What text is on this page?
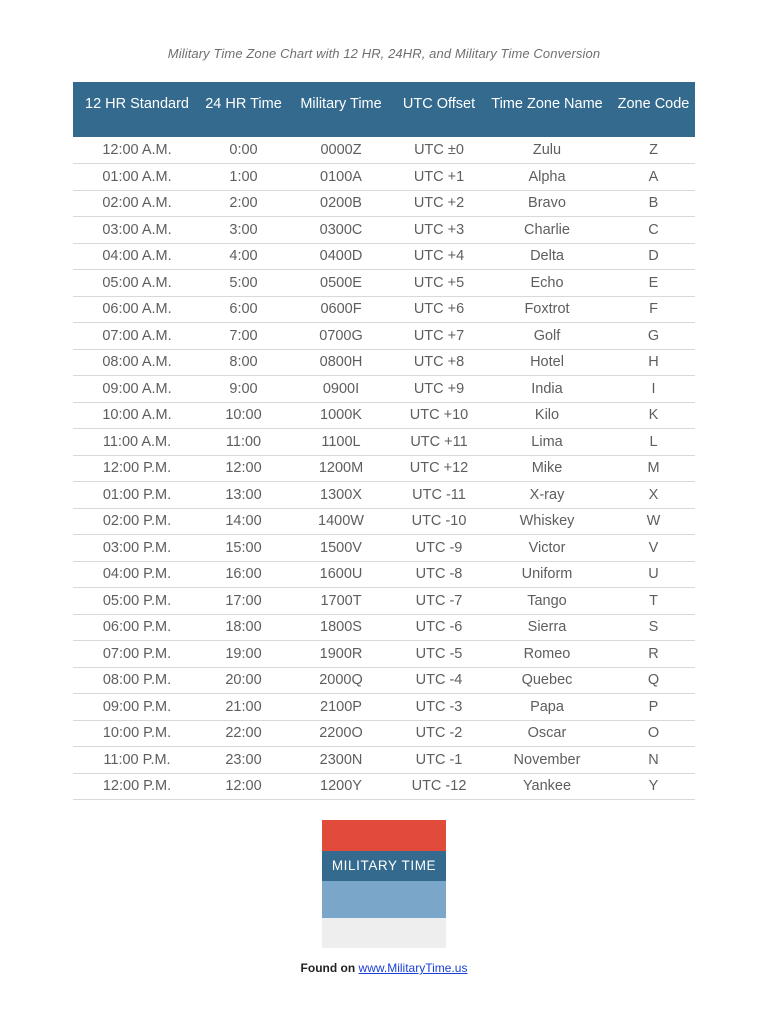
Military Time Zone Chart with 12 HR, 24HR, and Military Time Conversion
12 HR Standard	24 HR Time	Military Time	UTC Offset	Time Zone Name	Zone Code
12:00 A.M.	0:00	0000Z	UTC ±0	Zulu	Z
01:00 A.M.	1:00	0100A	UTC +1	Alpha	A
02:00 A.M.	2:00	0200B	UTC +2	Bravo	B
03:00 A.M.	3:00	0300C	UTC +3	Charlie	C
04:00 A.M.	4:00	0400D	UTC +4	Delta	D
05:00 A.M.	5:00	0500E	UTC +5	Echo	E
06:00 A.M.	6:00	0600F	UTC +6	Foxtrot	F
07:00 A.M.	7:00	0700G	UTC +7	Golf	G
08:00 A.M.	8:00	0800H	UTC +8	Hotel	H
09:00 A.M.	9:00	0900I	UTC +9	India	I
10:00 A.M.	10:00	1000K	UTC +10	Kilo	K
11:00 A.M.	11:00	1100L	UTC +11	Lima	L
12:00 P.M.	12:00	1200M	UTC +12	Mike	M
01:00 P.M.	13:00	1300X	UTC -11	X-ray	X
02:00 P.M.	14:00	1400W	UTC -10	Whiskey	W
03:00 P.M.	15:00	1500V	UTC -9	Victor	V
04:00 P.M.	16:00	1600U	UTC -8	Uniform	U
05:00 P.M.	17:00	1700T	UTC -7	Tango	T
06:00 P.M.	18:00	1800S	UTC -6	Sierra	S
07:00 P.M.	19:00	1900R	UTC -5	Romeo	R
08:00 P.M.	20:00	2000Q	UTC -4	Quebec	Q
09:00 P.M.	21:00	2100P	UTC -3	Papa	P
10:00 P.M.	22:00	2200O	UTC -2	Oscar	O
11:00 P.M.	23:00	2300N	UTC -1	November	N
12:00 P.M.	12:00	1200Y	UTC -12	Yankee	Y
MILITARY TIME
Found on www.MilitaryTime.us
